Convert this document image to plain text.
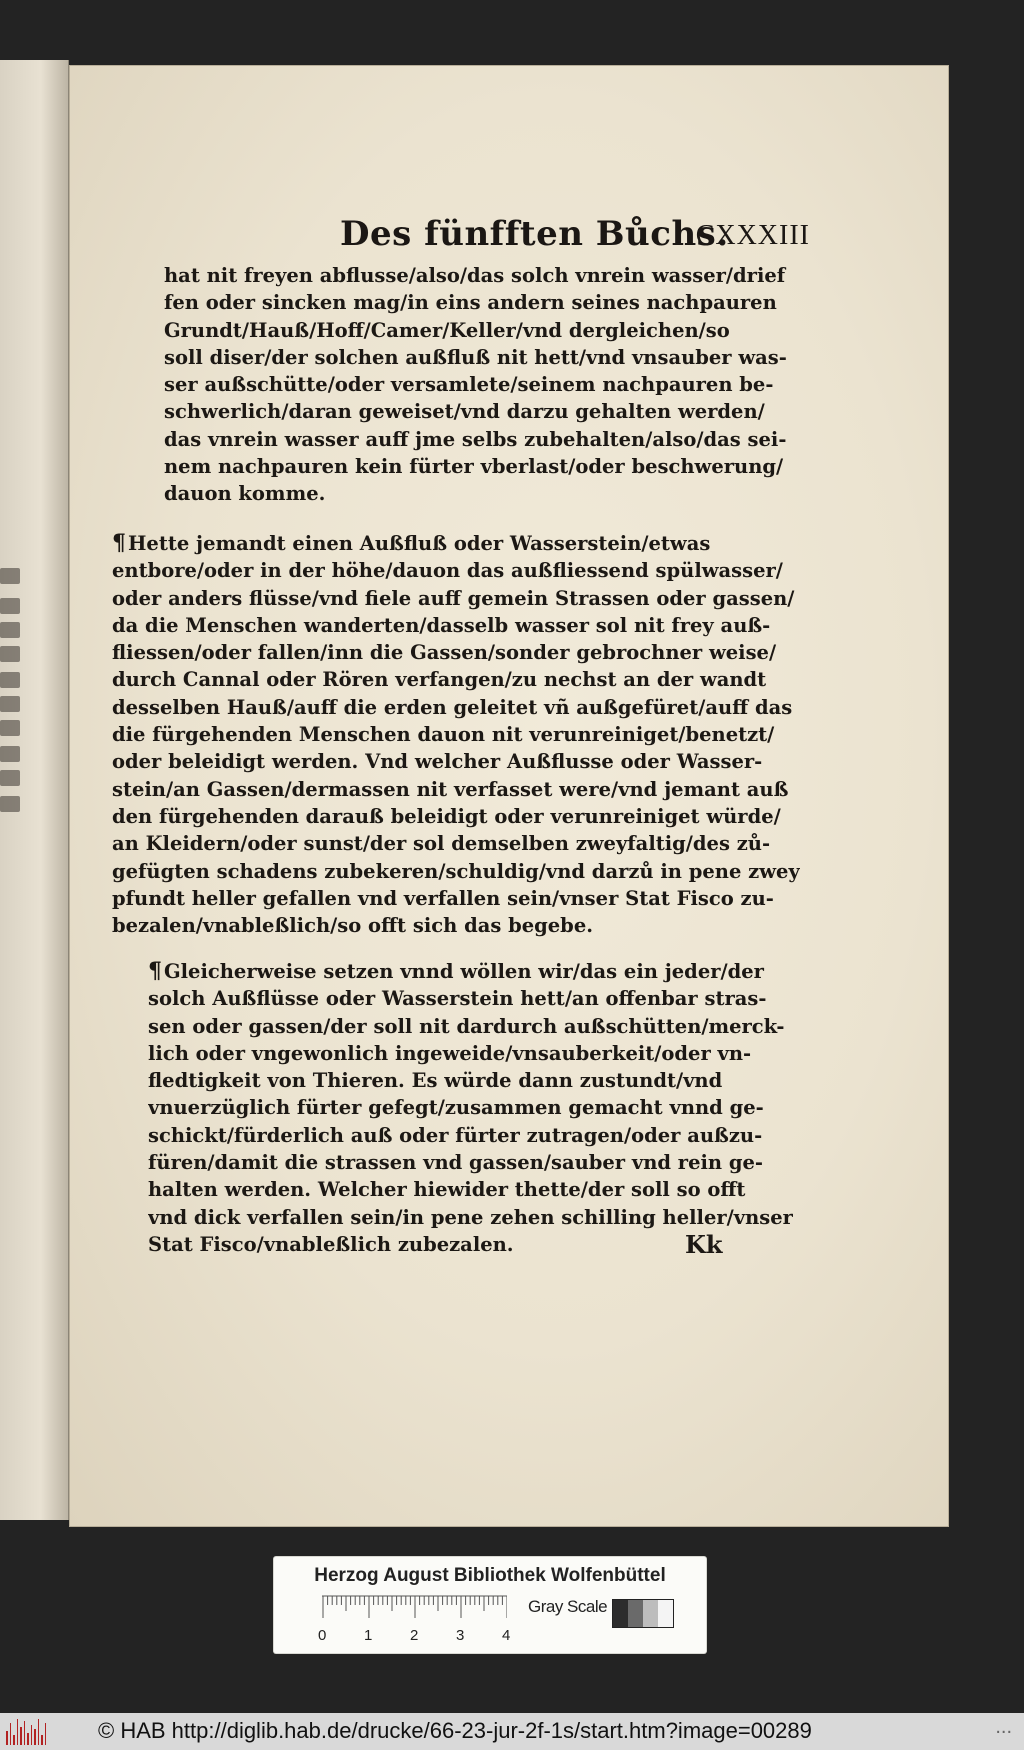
Des fünfften Bůchs.
CXXXIII
hat nit freyen abflusse/also/das solch vnrein wasser/drief
fen oder sincken mag/in eins andern seines nachpauren
Grundt/Hauß/Hoff/Camer/Keller/vnd dergleichen/so
soll diser/der solchen außfluß nit hett/vnd vnsauber was-
ser außschütte/oder versamlete/seinem nachpauren be-
schwerlich/daran geweiset/vnd darzu gehalten werden/
das vnrein wasser auff jme selbs zubehalten/also/das sei-
nem nachpauren kein fürter vberlast/oder beschwerung/
dauon komme.
¶ Hette jemandt einen Außfluß oder Wasserstein/etwas
entbore/oder in der höhe/dauon das außfliessend spülwasser/
oder anders flüsse/vnd fiele auff gemein Strassen oder gassen/
da die Menschen wanderten/dasselb wasser sol nit frey auß-
fliessen/oder fallen/inn die Gassen/sonder gebrochner weise/
durch Cannal oder Rören verfangen/zu nechst an der wandt
desselben Hauß/auff die erden geleitet vñ außgefüret/auff das
die fürgehenden Menschen dauon nit verunreiniget/benetzt/
oder beleidigt werden. Vnd welcher Außflusse oder Wasser-
stein/an Gassen/dermassen nit verfasset were/vnd jemant auß
den fürgehenden darauß beleidigt oder verunreiniget würde/
an Kleidern/oder sunst/der sol demselben zweyfaltig/des zů-
gefügten schadens zubekeren/schuldig/vnd darzů in pene zwey
pfundt heller gefallen vnd verfallen sein/vnser Stat Fisco zu-
bezalen/vnableßlich/so offt sich das begebe.
¶ Gleicherweise setzen vnnd wöllen wir/das ein jeder/der
solch Außflüsse oder Wasserstein hett/an offenbar stras-
sen oder gassen/der soll nit dardurch außschütten/merck-
lich oder vngewonlich ingeweide/vnsauberkeit/oder vn-
fledtigkeit von Thieren. Es würde dann zustundt/vnd
vnuerzüglich fürter gefegt/zusammen gemacht vnnd ge-
schickt/fürderlich auß oder fürter zutragen/oder außzu-
füren/damit die strassen vnd gassen/sauber vnd rein ge-
halten werden. Welcher hiewider thette/der soll so offt
vnd dick verfallen sein/in pene zehen schilling heller/vnser
Stat Fisco/vnableßlich zubezalen.	Kk
Herzog August Bibliothek Wolfenbüttel
0	1	2	3	4
Gray Scale
© HAB http://diglib.hab.de/drucke/66-23-jur-2f-1s/start.htm?image=00289	...
